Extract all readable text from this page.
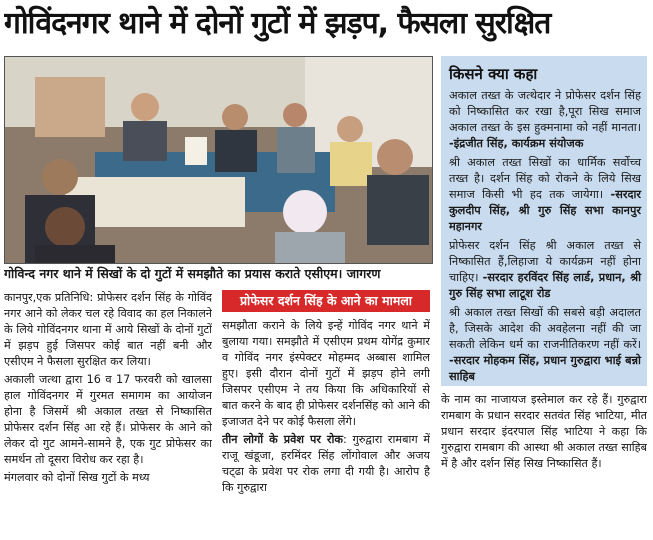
गोविंदनगर थाने में दोनों गुटों में झड़प, फैसला सुरक्षित

गोविन्द नगर थाने में सिखों के दो गुटों में समझौते का प्रयास कराते एसीएम। जागरण

किसने क्या कहा

अकाल तख्त के जत्थेदार ने प्रोफेसर दर्शन सिंह को निष्कासित कर रखा है,पूरा सिख समाज अकाल तख्त के इस हुक्मनामा को नहीं मानता। -इंद्रजीत सिंह, कार्यक्रम संयोजक

श्री अकाल तख्त सिखों का धार्मिक सर्वोच्च तख्त है। दर्शन सिंह को रोकने के लिये सिख समाज किसी भी हद तक जायेगा। -सरदार कुलदीप सिंह, श्री गुरु सिंह सभा कानपुर महानगर

प्रोफेसर दर्शन सिंह श्री अकाल तख्त से निष्कासित हैं,लिहाजा ये कार्यक्रम नहीं होना चाहिए। -सरदार हरविंदर सिंह लार्ड, प्रधान, श्री गुरु सिंह सभा लाटूश रोड

श्री अकाल तख्त सिखों की सबसे बड़ी अदालत है, जिसके आदेश की अवहेलना नहीं की जा सकती लेकिन धर्म का राजनीतिकरण नहीं करें। -सरदार मोहकम सिंह, प्रधान गुरुद्वारा भाई बन्नो साहिब

कानपुर,एक प्रतिनिधि: प्रोफेसर दर्शन सिंह के गोविंद नगर आने को लेकर चल रहे विवाद का हल निकालने के लिये गोविंदनगर थाना में आये सिखों के दोनों गुटों में झड़प हुई जिसपर कोई बात नहीं बनी और एसीएम ने फैसला सुरक्षित कर लिया।

अकाली जत्था द्वारा 16 व 17 फरवरी को खालसा हाल गोविंदनगर में गुरमत समागम का आयोजन होना है जिसमें श्री अकाल तख्त से निष्कासित प्रोफेसर दर्शन सिंह आ रहे हैं। प्रोफेसर के आने को लेकर दो गुट आमने-सामने है, एक गुट प्रोफेसर का समर्थन तो दूसरा विरोध कर रहा है।

मंगलवार को दोनों सिख गुटों के मध्य

प्रोफेसर दर्शन सिंह के आने का मामला

समझौता कराने के लिये इन्हें गोविंद नगर थाने में बुलाया गया। समझौते में एसीएम प्रथम योगेंद्र कुमार व गोविंद नगर इंस्पेक्टर मोहम्मद अब्बास शामिल हुए। इसी दौरान दोनों गुटों में झड़प होने लगी जिसपर एसीएम ने तय किया कि अधिकारियों से बात करने के बाद ही प्रोफेसर दर्शनसिंह को आने की इजाजत देने पर कोई फैसला लेंगे।

तीन लोगों के प्रवेश पर रोक: गुरुद्वारा रामबाग में राजू खंडूजा, हरमिंदर सिंह लोंगोवाल और अजय चट्ढा के प्रवेश पर रोक लगा दी गयी है। आरोप है कि गुरुद्वारा

के नाम का नाजायज इस्तेमाल कर रहे हैं। गुरुद्वारा रामबाग के प्रधान सरदार सतवंत सिंह भाटिया, मीत प्रधान सरदार इंदरपाल सिंह भाटिया ने कहा कि गुरुद्वारा रामबाग की आस्था श्री अकाल तख्त साहिब में है और दर्शन सिंह सिख निष्कासित हैं।
